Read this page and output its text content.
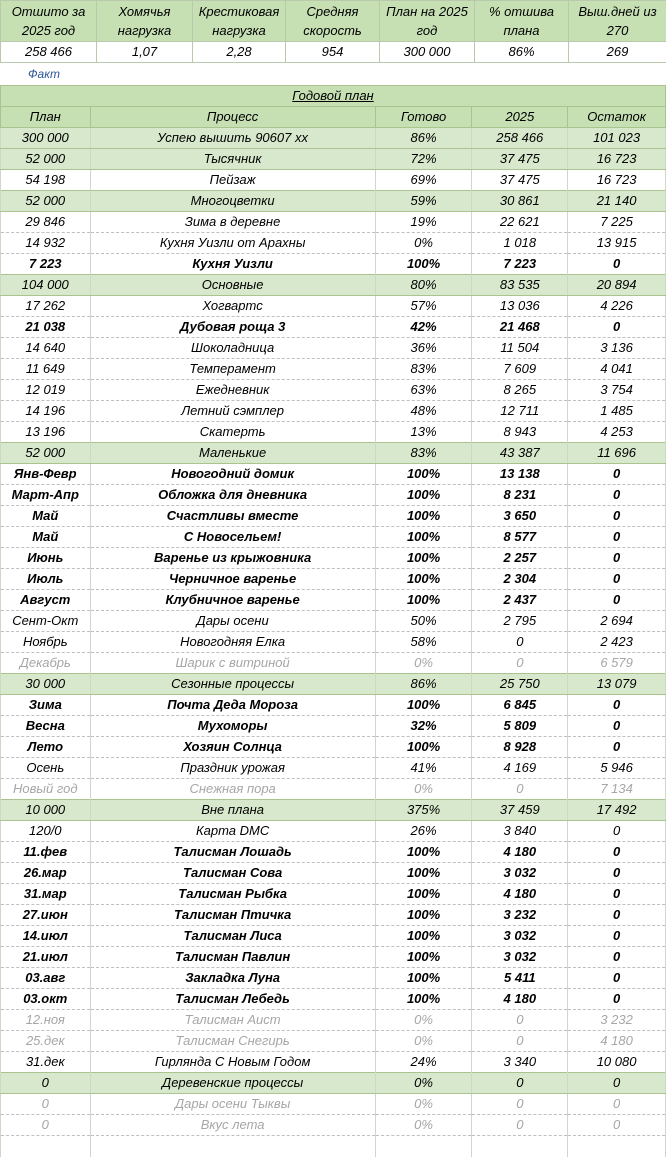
Отшито за 2025 год	Хомячья нагрузка	Крестиковая нагрузка	Средняя скорость	План на 2025 год	% отшива плана	Выш.дней из 270
258 466	1,07	2,28	954	300 000	86%	269
Факт
Годовой план				
План	Процесс	Готово	2025	Остаток
300 000	Успею вышить 90607 хх	86%	258 466	101 023
52 000	Тысячник	72%	37 475	16 723
54 198	Пейзаж	69%	37 475	16 723
52 000	Многоцветки	59%	30 861	21 140
29 846	Зима в деревне	19%	22 621	7 225
14 932	Кухня Уизли от Арахны	0%	1 018	13 915
7 223	Кухня Уизли	100%	7 223	0
104 000	Основные	80%	83 535	20 894
17 262	Хогвартс	57%	13 036	4 226
21 038	Дубовая роща 3	42%	21 468	0
14 640	Шоколадница	36%	11 504	3 136
11 649	Темперамент	83%	7 609	4 041
12 019	Ежедневник	63%	8 265	3 754
14 196	Летний сэмплер	48%	12 711	1 485
13 196	Скатерть	13%	8 943	4 253
52 000	Маленькие	83%	43 387	11 696
Янв-Февр	Новогодний домик	100%	13 138	0
Март-Апр	Обложка для дневника	100%	8 231	0
Май	Счастливы вместе	100%	3 650	0
Май	С Новосельем!	100%	8 577	0
Июнь	Варенье из крыжовника	100%	2 257	0
Июль	Черничное варенье	100%	2 304	0
Август	Клубничное варенье	100%	2 437	0
Сент-Окт	Дары осени	50%	2 795	2 694
Ноябрь	Новогодняя Елка	58%	0	2 423
Декабрь	Шарик с витриной	0%	0	6 579
30 000	Сезонные процессы	86%	25 750	13 079
Зима	Почта Деда Мороза	100%	6 845	0
Весна	Мухоморы	32%	5 809	0
Лето	Хозяин Солнца	100%	8 928	0
Осень	Праздник урожая	41%	4 169	5 946
Новый год	Снежная пора	0%	0	7 134
10 000	Вне плана	375%	37 459	17 492
120/0	Карта DMC	26%	3 840	0
11.фев	Талисман Лошадь	100%	4 180	0
26.мар	Талисман Сова	100%	3 032	0
31.мар	Талисман Рыбка	100%	4 180	0
27.июн	Талисман Птичка	100%	3 232	0
14.июл	Талисман Лиса	100%	3 032	0
21.июл	Талисман Павлин	100%	3 032	0
03.авг	Закладка Луна	100%	5 411	0
03.окт	Талисман Лебедь	100%	4 180	0
12.ноя	Талисман Аист	0%	0	3 232
25.дек	Талисман Снегирь	0%	0	4 180
31.дек	Гирлянда С Новым Годом	24%	3 340	10 080
0	Деревенские процессы	0%	0	0
0	Дары осени Тыквы	0%	0	0
0	Вкус лета	0%	0	0
